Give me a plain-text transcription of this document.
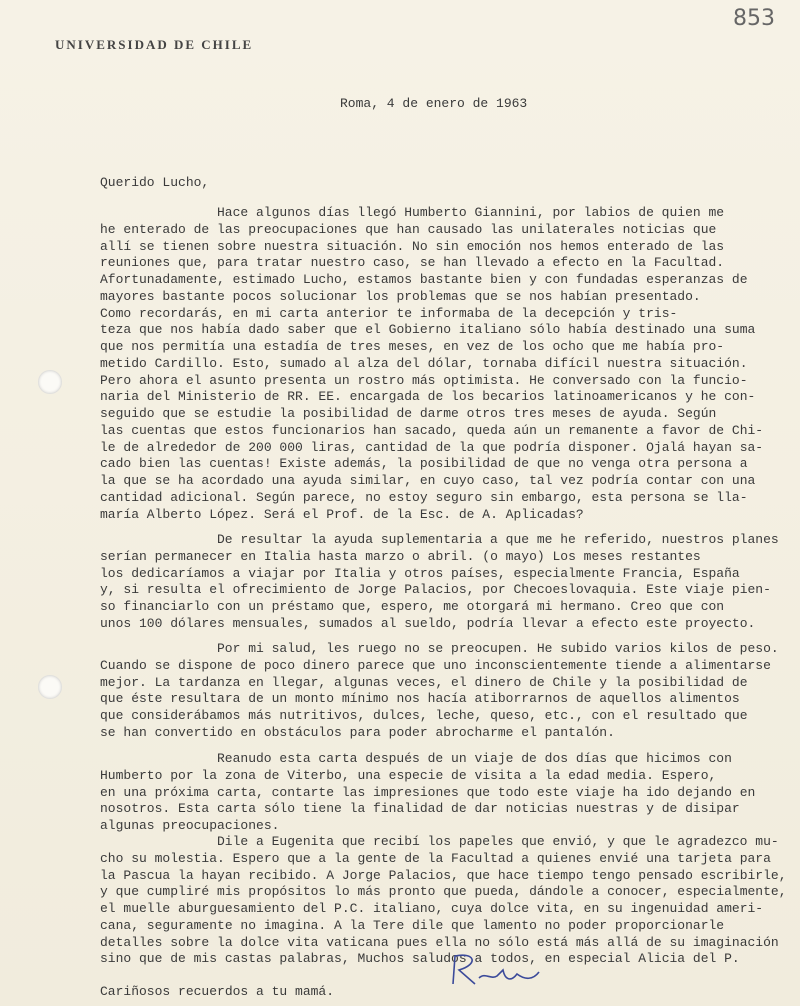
UNIVERSIDAD DE CHILE
853
Roma, 4 de enero de 1963
Querido Lucho,
Hace algunos días llegó Humberto Giannini, por labios de quien me
he enterado de las preocupaciones que han causado las unilaterales noticias que
allí se tienen sobre nuestra situación. No sin emoción nos hemos enterado de las
reuniones que, para tratar nuestro caso, se han llevado a efecto en la Facultad.
Afortunadamente, estimado Lucho, estamos bastante bien y con fundadas esperanzas de
mayores bastante pocos solucionar los problemas que se nos habían presentado.
Como recordarás, en mi carta anterior te informaba de la decepción y tris-
teza que nos había dado saber que el Gobierno italiano sólo había destinado una suma
que nos permitía una estadía de tres meses, en vez de los ocho que me había pro-
metido Cardillo. Esto, sumado al alza del dólar, tornaba difícil nuestra situación.
Pero ahora el asunto presenta un rostro más optimista. He conversado con la funcio-
naria del Ministerio de RR. EE. encargada de los becarios latinoamericanos y he con-
seguido que se estudie la posibilidad de darme otros tres meses de ayuda. Según
las cuentas que estos funcionarios han sacado, queda aún un remanente a favor de Chi-
le de alrededor de 200 000 liras, cantidad de la que podría disponer. Ojalá hayan sa-
cado bien las cuentas! Existe además, la posibilidad de que no venga otra persona a
la que se ha acordado una ayuda similar, en cuyo caso, tal vez podría contar con una
cantidad adicional. Según parece, no estoy seguro sin embargo, esta persona se lla-
maría Alberto López. Será el Prof. de la Esc. de A. Aplicadas?
De resultar la ayuda suplementaria a que me he referido, nuestros planes
serían permanecer en Italia hasta marzo o abril. (o mayo) Los meses restantes
los dedicaríamos a viajar por Italia y otros países, especialmente Francia, España
y, si resulta el ofrecimiento de Jorge Palacios, por Checoeslovaquia. Este viaje pien-
so financiarlo con un préstamo que, espero, me otorgará mi hermano. Creo que con
unos 100 dólares mensuales, sumados al sueldo, podría llevar a efecto este proyecto.
Por mi salud, les ruego no se preocupen. He subido varios kilos de peso.
Cuando se dispone de poco dinero parece que uno inconscientemente tiende a alimentarse
mejor. La tardanza en llegar, algunas veces, el dinero de Chile y la posibilidad de
que éste resultara de un monto mínimo nos hacía atiborrarnos de aquellos alimentos
que considerábamos más nutritivos, dulces, leche, queso, etc., con el resultado que
se han convertido en obstáculos para poder abrocharme el pantalón.
Reanudo esta carta después de un viaje de dos días que hicimos con
Humberto por la zona de Viterbo, una especie de visita a la edad media. Espero,
en una próxima carta, contarte las impresiones que todo este viaje ha ido dejando en
nosotros. Esta carta sólo tiene la finalidad de dar noticias nuestras y de disipar
algunas preocupaciones.
Dile a Eugenita que recibí los papeles que envió, y que le agradezco mu-
cho su molestia. Espero que a la gente de la Facultad a quienes envié una tarjeta para
la Pascua la hayan recibido. A Jorge Palacios, que hace tiempo tengo pensado escribirle,
y que cumpliré mis propósitos lo más pronto que pueda, dándole a conocer, especialmente,
el muelle aburguesamiento del P.C. italiano, cuya dolce vita, en su ingenuidad ameri-
cana, seguramente no imagina. A la Tere dile que lamento no poder proporcionarle
detalles sobre la dolce vita vaticana pues ella no sólo está más allá de su imaginación
sino que de mis castas palabras, Muchos saludos a todos, en especial Alicia del P.
Cariñosos recuerdos a tu mamá.
